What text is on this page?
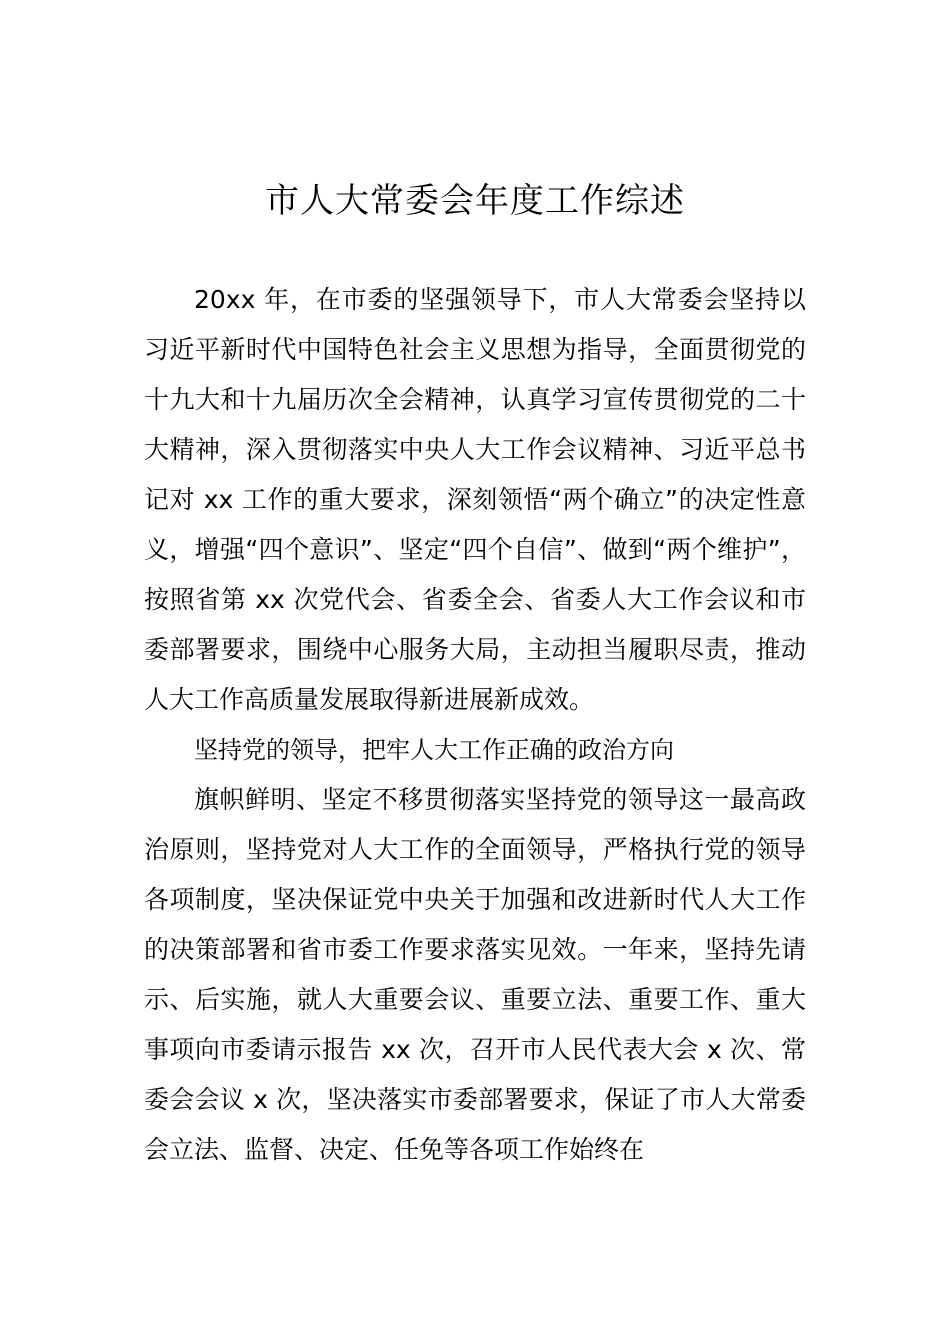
市人大常委会年度工作综述

20xx 年，在市委的坚强领导下，市人大常委会坚持以习近平新时代中国特色社会主义思想为指导，全面贯彻党的十九大和十九届历次全会精神，认真学习宣传贯彻党的二十大精神，深入贯彻落实中央人大工作会议精神、习近平总书记对 xx 工作的重大要求，深刻领悟“两个确立”的决定性意义，增强“四个意识”、坚定“四个自信”、做到“两个维护”，按照省第 xx 次党代会、省委全会、省委人大工作会议和市委部署要求，围绕中心服务大局，主动担当履职尽责，推动人大工作高质量发展取得新进展新成效。

坚持党的领导，把牢人大工作正确的政治方向

旗帜鲜明、坚定不移贯彻落实坚持党的领导这一最高政治原则，坚持党对人大工作的全面领导，严格执行党的领导各项制度，坚决保证党中央关于加强和改进新时代人大工作的决策部署和省市委工作要求落实见效。一年来，坚持先请示、后实施，就人大重要会议、重要立法、重要工作、重大事项向市委请示报告 xx 次，召开市人民代表大会 x 次、常委会会议 x 次，坚决落实市委部署要求，保证了市人大常委会立法、监督、决定、任免等各项工作始终在
